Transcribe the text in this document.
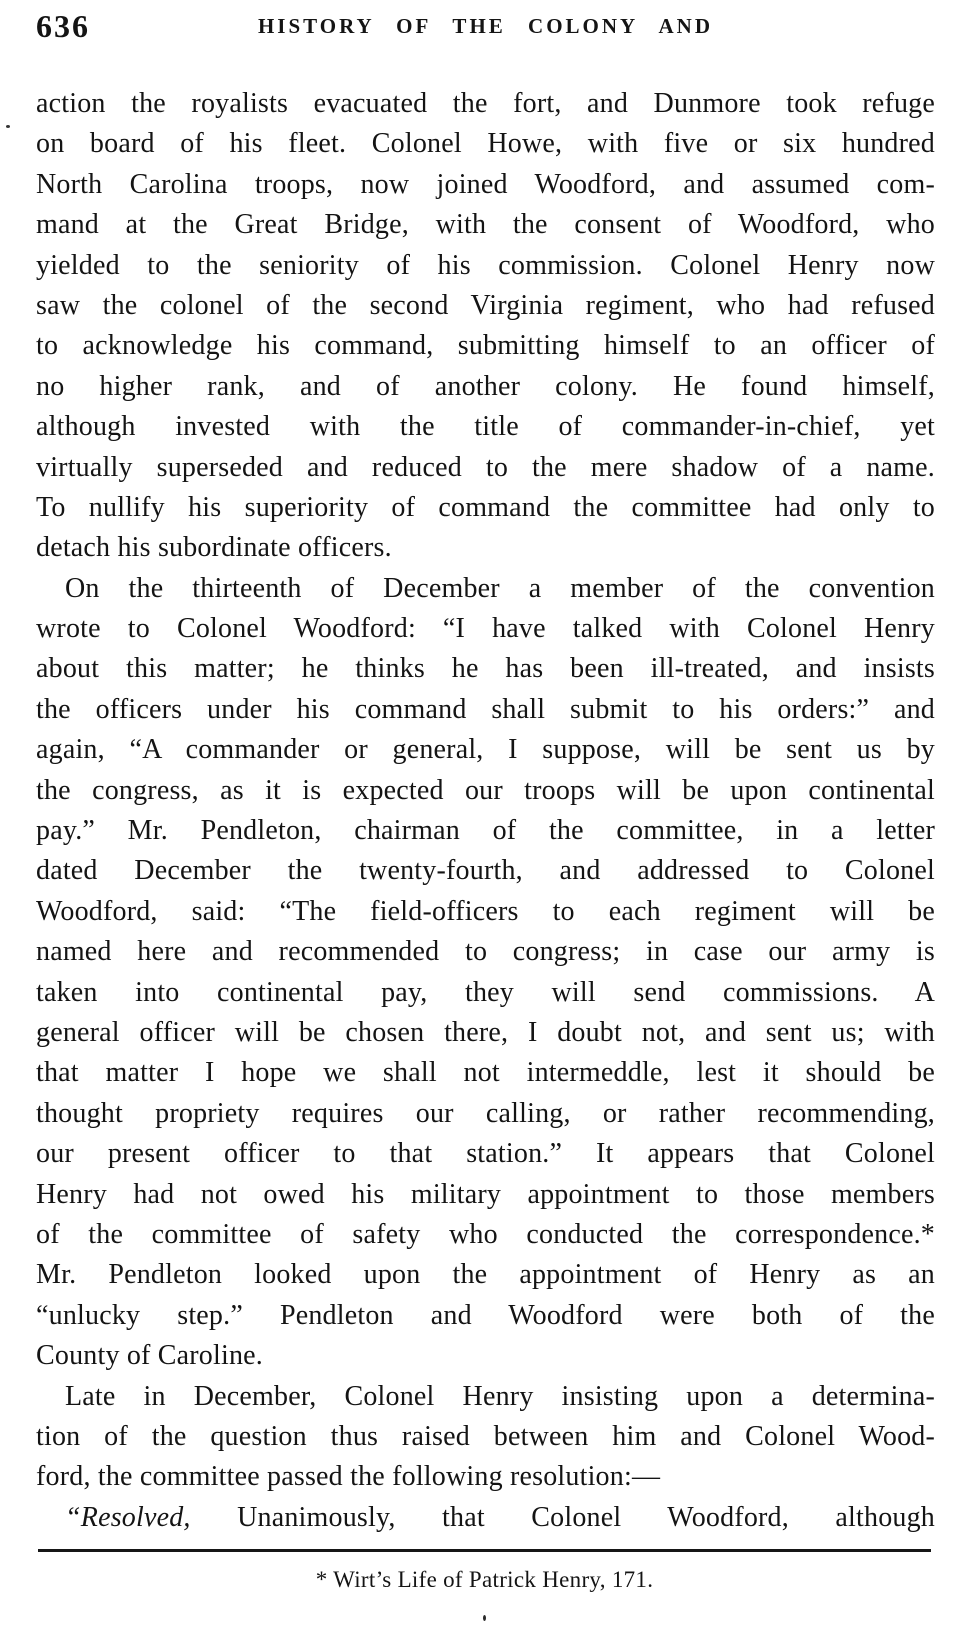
636	HISTORY OF THE COLONY AND
action the royalists evacuated the fort, and Dunmore took refuge
on board of his fleet. Colonel Howe, with five or six hundred
North Carolina troops, now joined Woodford, and assumed com-
mand at the Great Bridge, with the consent of Woodford, who
yielded to the seniority of his commission. Colonel Henry now
saw the colonel of the second Virginia regiment, who had refused
to acknowledge his command, submitting himself to an officer of
no higher rank, and of another colony. He found himself,
although invested with the title of commander-in-chief, yet
virtually superseded and reduced to the mere shadow of a name.
To nullify his superiority of command the committee had only to
detach his subordinate officers.
On the thirteenth of December a member of the convention
wrote to Colonel Woodford: “I have talked with Colonel Henry
about this matter; he thinks he has been ill-treated, and insists
the officers under his command shall submit to his orders:” and
again, “A commander or general, I suppose, will be sent us by
the congress, as it is expected our troops will be upon continental
pay.” Mr. Pendleton, chairman of the committee, in a letter
dated December the twenty-fourth, and addressed to Colonel
Woodford, said: “The field-officers to each regiment will be
named here and recommended to congress; in case our army is
taken into continental pay, they will send commissions. A
general officer will be chosen there, I doubt not, and sent us; with
that matter I hope we shall not intermeddle, lest it should be
thought propriety requires our calling, or rather recommending,
our present officer to that station.” It appears that Colonel
Henry had not owed his military appointment to those members
of the committee of safety who conducted the correspondence.*
Mr. Pendleton looked upon the appointment of Henry as an
“unlucky step.” Pendleton and Woodford were both of the
County of Caroline.
Late in December, Colonel Henry insisting upon a determina-
tion of the question thus raised between him and Colonel Wood-
ford, the committee passed the following resolution:—
“Resolved, Unanimously, that Colonel Woodford, although
* Wirt’s Life of Patrick Henry, 171.
